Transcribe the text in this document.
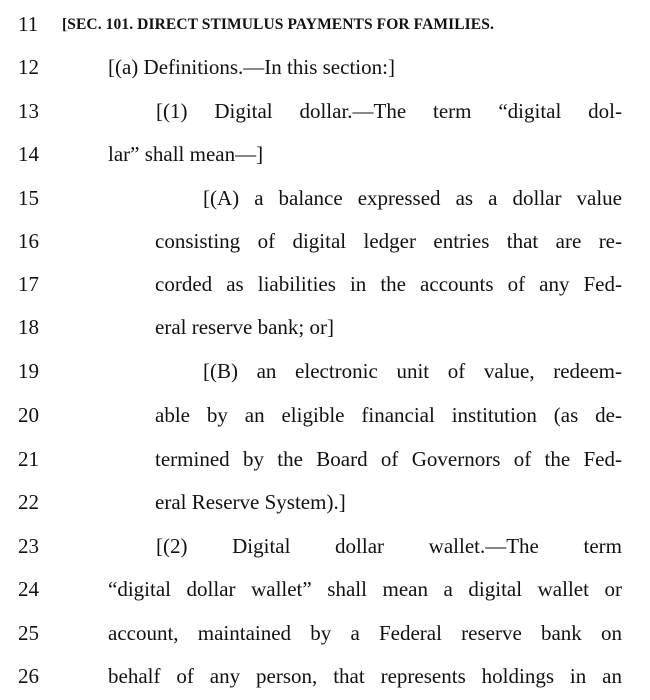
11	[SEC. 101. DIRECT STIMULUS PAYMENTS FOR FAMILIES.
12	[(a) Definitions.—In this section:]
13	[(1) Digital dollar.—The term “digital dol-
14	lar” shall mean—]
15	[(A) a balance expressed as a dollar value
16	consisting of digital ledger entries that are re-
17	corded as liabilities in the accounts of any Fed-
18	eral reserve bank; or]
19	[(B) an electronic unit of value, redeem-
20	able by an eligible financial institution (as de-
21	termined by the Board of Governors of the Fed-
22	eral Reserve System).]
23	[(2) Digital dollar wallet.—The term
24	“digital dollar wallet” shall mean a digital wallet or
25	account, maintained by a Federal reserve bank on
26	behalf of any person, that represents holdings in an
